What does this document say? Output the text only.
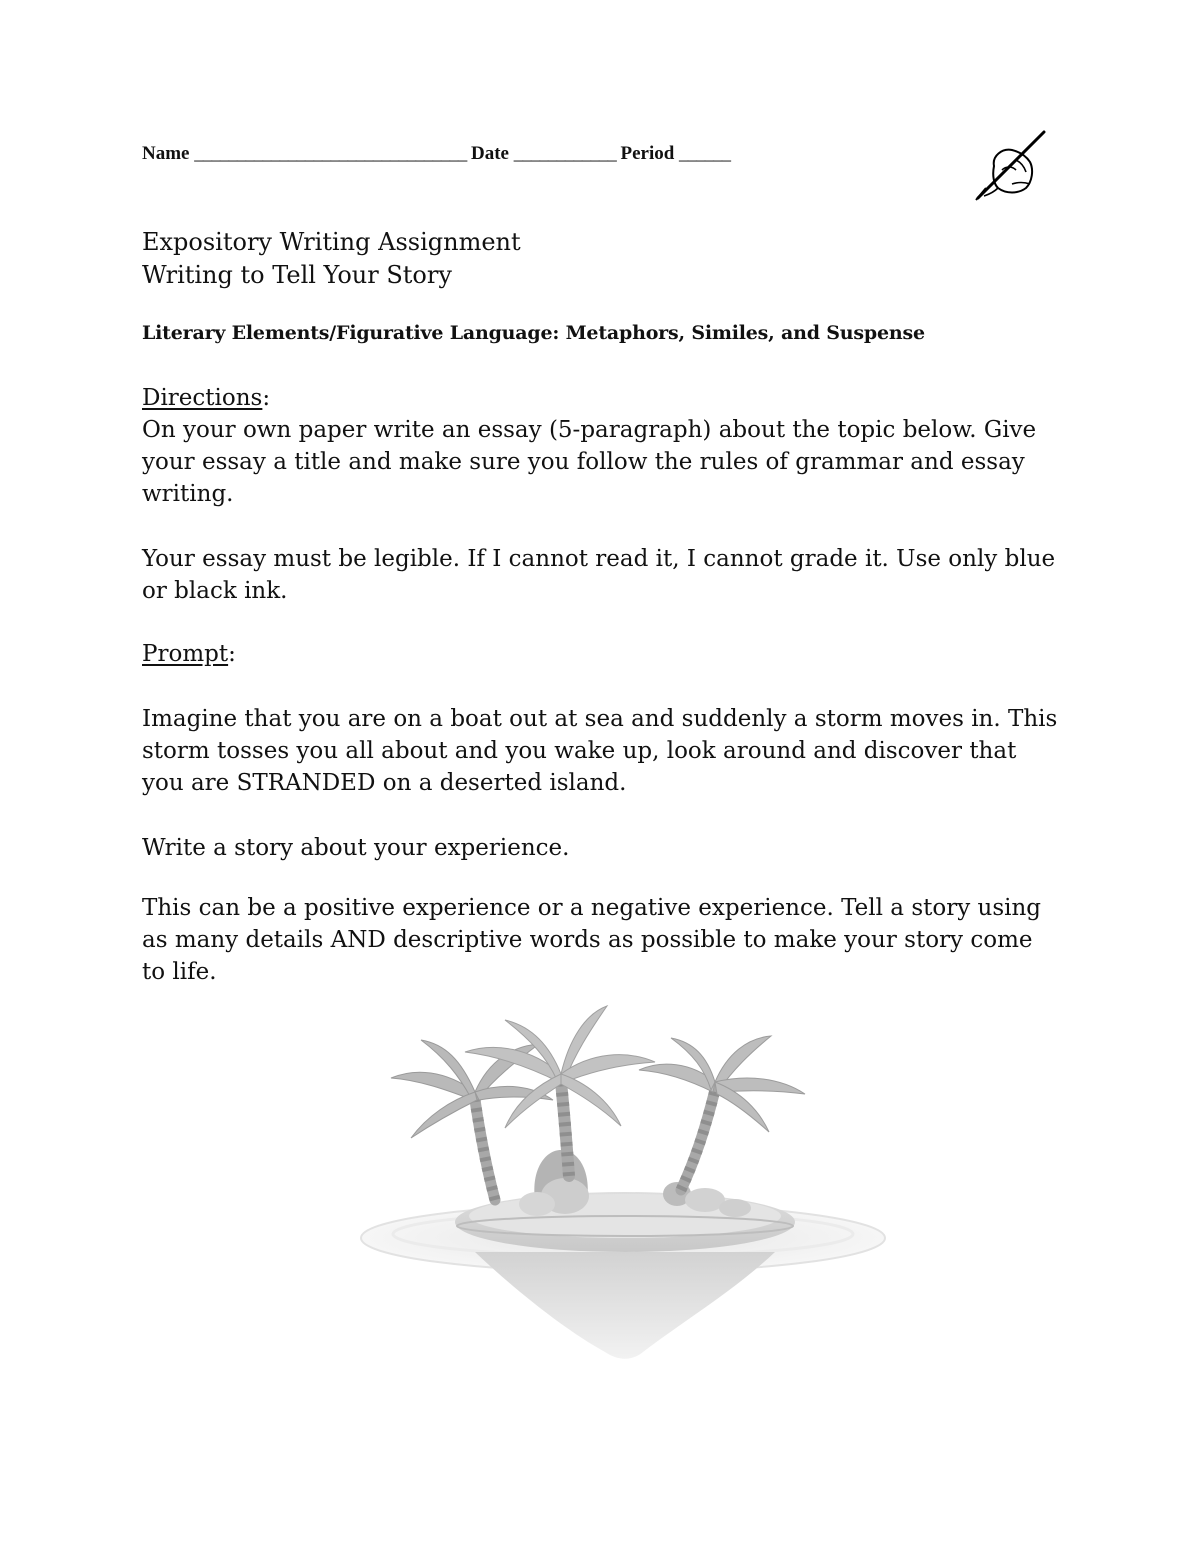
Name ________________________________ Date ____________ Period ______
Expository Writing Assignment
Writing to Tell Your Story
Literary Elements/Figurative Language: Metaphors, Similes, and Suspense
Directions:
On your own paper write an essay (5-paragraph) about the topic below. Give your essay a title and make sure you follow the rules of grammar and essay writing.
Your essay must be legible. If I cannot read it, I cannot grade it. Use only blue or black ink.
Prompt:
Imagine that you are on a boat out at sea and suddenly a storm moves in. This storm tosses you all about and you wake up, look around and discover that you are STRANDED on a deserted island.
Write a story about your experience.
This can be a positive experience or a negative experience. Tell a story using as many details AND descriptive words as possible to make your story come to life.
